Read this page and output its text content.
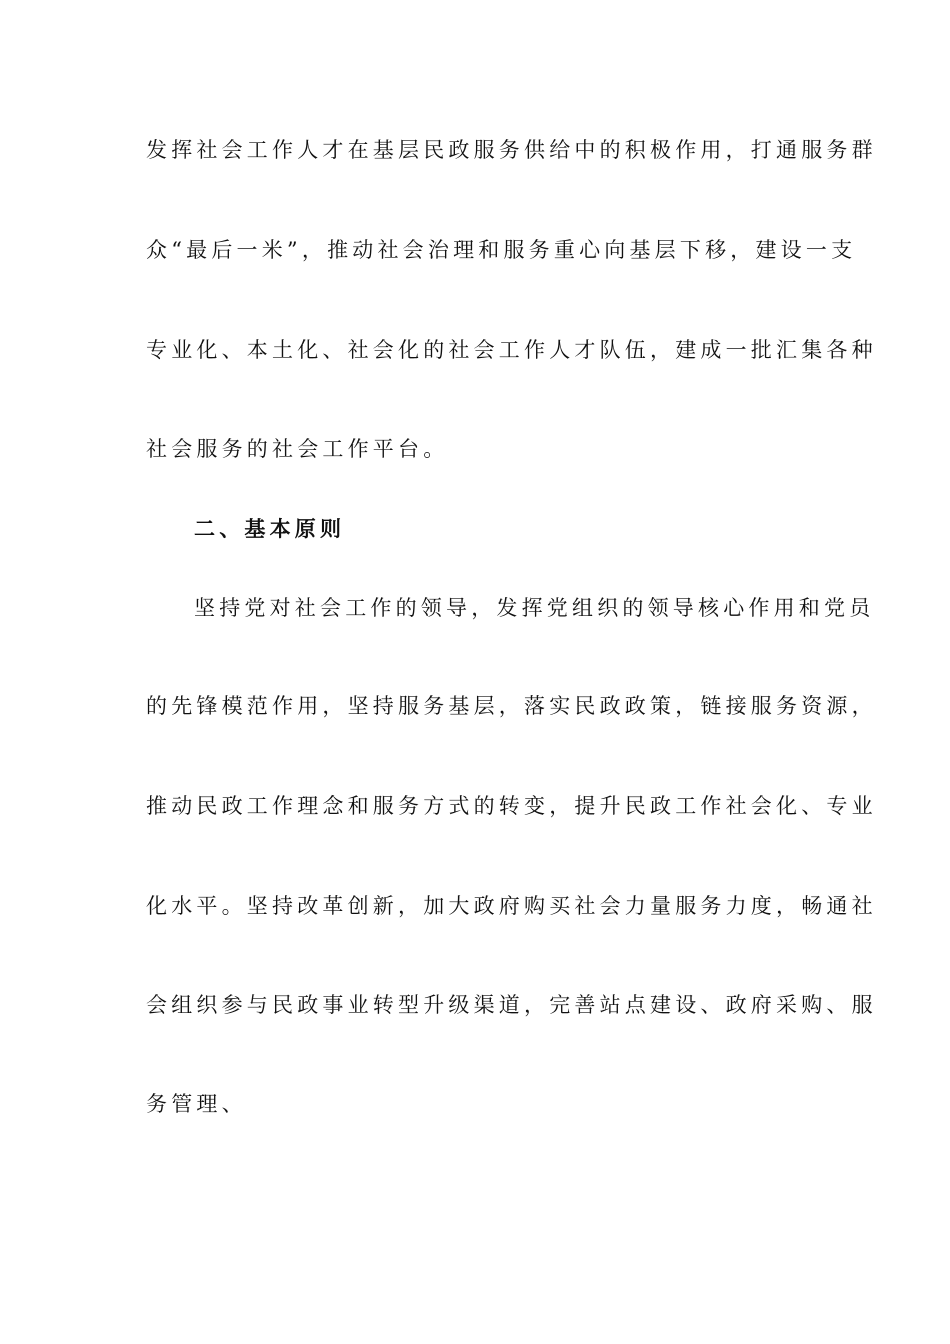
发挥社会工作人才在基层民政服务供给中的积极作用，打通服务群
众“最后一米”，推动社会治理和服务重心向基层下移，建设一支
专业化、本土化、社会化的社会工作人才队伍，建成一批汇集各种
社会服务的社会工作平台。
二、基本原则
坚持党对社会工作的领导，发挥党组织的领导核心作用和党员
的先锋模范作用，坚持服务基层，落实民政政策，链接服务资源，
推动民政工作理念和服务方式的转变，提升民政工作社会化、专业
化水平。坚持改革创新，加大政府购买社会力量服务力度，畅通社
会组织参与民政事业转型升级渠道，完善站点建设、政府采购、服
务管理、
